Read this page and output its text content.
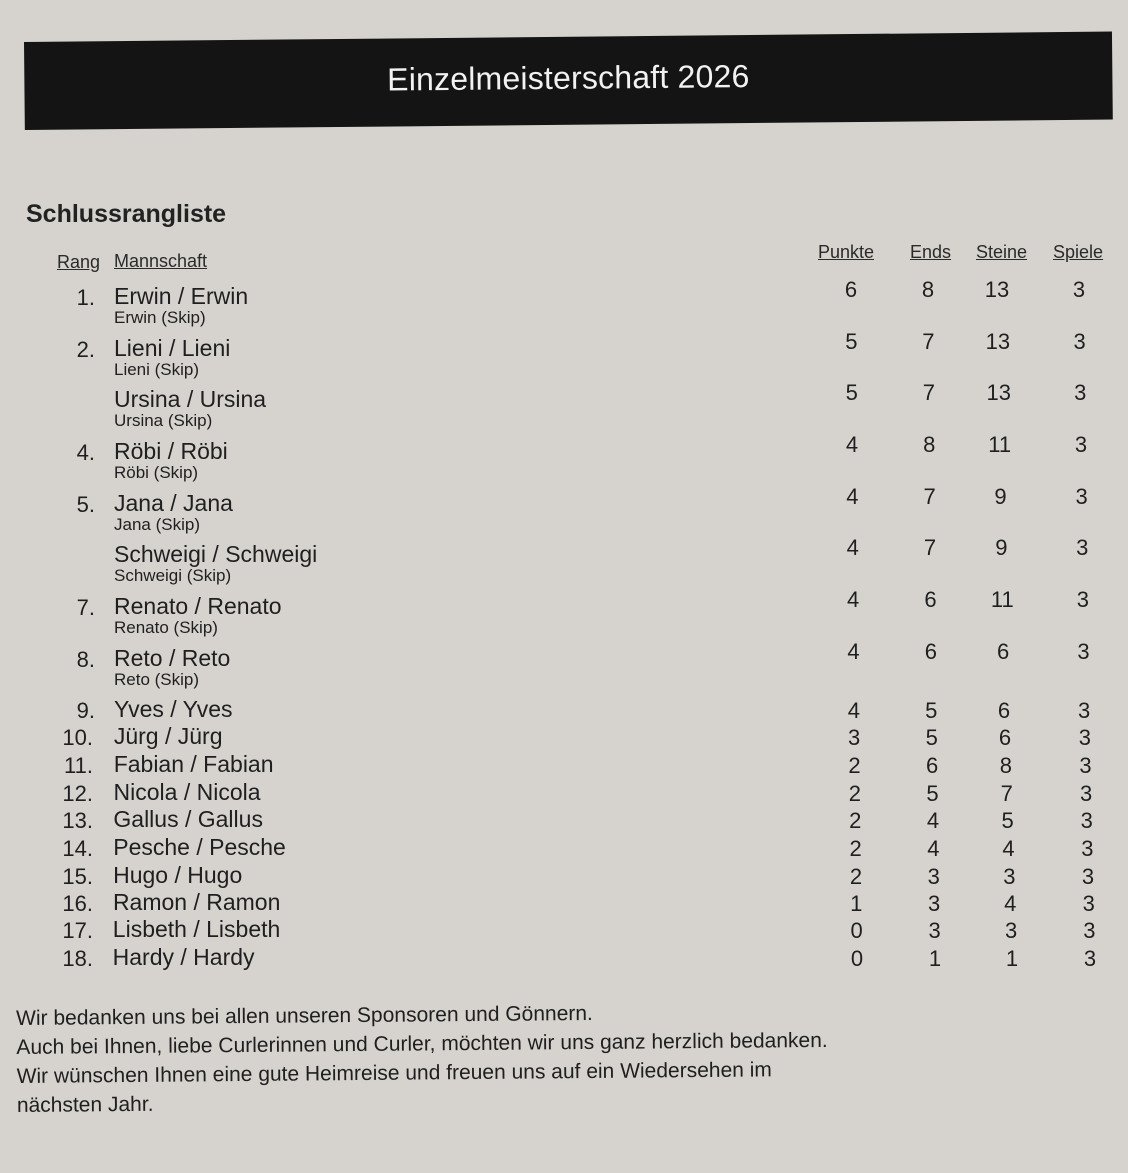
Einzelmeisterschaft 2026
Schlussrangliste
Rang Mannschaft	Punkte Ends Steine Spiele
1. Erwin / Erwin
Erwin (Skip)
6	8	13	3
2. Lieni / Lieni
Lieni (Skip)
5	7	13	3
Ursina / Ursina
Ursina (Skip)
5	7	13	3
4. Röbi / Röbi
Röbi (Skip)
4	8	11	3
5. Jana / Jana
Jana (Skip)
4	7	9	3
Schweigi / Schweigi
Schweigi (Skip)
4	7	9	3
7. Renato / Renato
Renato (Skip)
4	6	11	3
8. Reto / Reto
Reto (Skip)
4	6	6	3
9. Yves / Yves	4	5	6	3
10. Jürg / Jürg	3	5	6	3
11. Fabian / Fabian	2	6	8	3
12. Nicola / Nicola	2	5	7	3
13. Gallus / Gallus	2	4	5	3
14. Pesche / Pesche	2	4	4	3
15. Hugo / Hugo	2	3	3	3
16. Ramon / Ramon	1	3	4	3
17. Lisbeth / Lisbeth	0	3	3	3
18. Hardy / Hardy	0	1	1	3
Wir bedanken uns bei allen unseren Sponsoren und Gönnern.
Auch bei Ihnen, liebe Curlerinnen und Curler, möchten wir uns ganz herzlich bedanken.
Wir wünschen Ihnen eine gute Heimreise und freuen uns auf ein Wiedersehen im
nächsten Jahr.
